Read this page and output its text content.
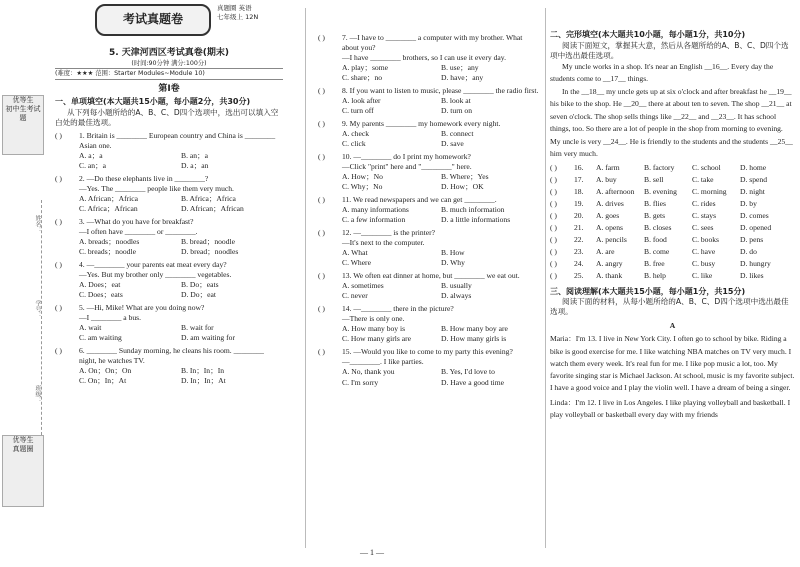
优等生
初中生考试题
姓名：
学号：
班级：
优等生
真题圈
考试真题卷
真题圈 英语
七年级上 12N
5. 天津河西区考试真卷(期末)
(时间:90分钟 满分:100分)
(难度：★★★ 范围：Starter Modules~Module 10)
第Ⅰ卷
一、单项填空(本大题共15小题，每小题2分，共30分)
从下列每小题所给的A、B、C、D四个选项中，选出可以填入空白处的最佳选项。
( )	1. Britain is ________ European country and China is ________ Asian one.
A. a；a	B. an；a
C. an；a	D. a；an
( )	2. —Do these elephants live in ________?
—Yes. The ________ people like them very much.
A. African；Africa	B. Africa；Africa
C. Africa；African	D. African；African
( )	3. —What do you have for breakfast?
—I often have ________ or ________.
A. breads；noodles	B. bread；noodle
C. breads；noodle	D. bread；noodles
( )	4. —________ your parents eat meat every day?
—Yes. But my brother only ________ vegetables.
A. Does；eat	B. Do；eats
C. Does；eats	D. Do；eat
( )	5. —Hi, Mike! What are you doing now?
—I ________ a bus.
A. wait	B. wait for
C. am waiting	D. am waiting for
( )	6. ________ Sunday morning, he cleans his room. ________ night, he watches TV.
A. On；On；On	B. In；In；In
C. On；In；At	D. In；In；At
( )	7. —I have to ________ a computer with my brother. What about you?
—I have ________ brothers, so I can use it every day.
A. play；some	B. use；any
C. share；no	D. have；any
( )	8. If you want to listen to music, please ________ the radio first.
A. look after	B. look at
C. turn off	D. turn on
( )	9. My parents ________ my homework every night.
A. check	B. connect
C. click	D. save
( )	10. —________ do I print my homework?
—Click "print" here and "________" here.
A. How；No	B. Where；Yes
C. Why；No	D. How；OK
( )	11. We read newspapers and we can get ________.
A. many informations	B. much information
C. a few information	D. a little informations
( )	12. —________ is the printer?
—It's next to the computer.
A. What	B. How
C. Where	D. Why
( )	13. We often eat dinner at home, but ________ we eat out.
A. sometimes	B. usually
C. never	D. always
( )	14. —________ there in the picture?
—There is only one.
A. How many boy is	B. How many boy are
C. How many girls are	D. How many girls is
( )	15. —Would you like to come to my party this evening?
—________. I like parties.
A. No, thank you	B. Yes, I'd love to
C. I'm sorry	D. Have a good time
— 1 —
二、完形填空(本大题共10小题，每小题1分，共10分)
阅读下面短文，掌握其大意，然后从各题所给的A、B、C、D四个选项中选出最佳选项。
My uncle works in a shop. It's near an English __16__. Every day the students come to __17__ things.
In the __18__ my uncle gets up at six o'clock and after breakfast he __19__ his bike to the shop. He __20__ there at about ten to seven. The shop __21__ at seven o'clock. The shop sells things like __22__ and __23__. It has school things, too. So there are a lot of people in the shop from morning to evening. My uncle is very __24__. He is friendly to the students and the students __25__ him very much.
( )	16.	A. farm	B. factory	C. school	D. home
( )	17.	A. buy	B. sell	C. take	D. spend
( )	18.	A. afternoon	B. evening	C. morning	D. night
( )	19.	A. drives	B. flies	C. rides	D. by
( )	20.	A. goes	B. gets	C. stays	D. comes
( )	21.	A. opens	B. closes	C. sees	D. opened
( )	22.	A. pencils	B. food	C. books	D. pens
( )	23.	A. are	B. come	C. have	D. do
( )	24.	A. angry	B. free	C. busy	D. hungry
( )	25.	A. thank	B. help	C. like	D. likes
三、阅读理解(本大题共15小题，每小题1分，共15分)
阅读下面的材料，从每小题所给的A、B、C、D四个选项中选出最佳选项。
A
Maria：I'm 13. I live in New York City. I often go to school by bike. Riding a bike is good exercise for me. I like watching NBA matches on TV very much. I watch them every week. It's real fun for me. I like pop music a lot, too. My favorite singing star is Michael Jackson. At school, music is my favorite subject. I have a good voice and I play the violin well. I have a dream of being a singer.
Linda：I'm 12. I live in Los Angeles. I like playing volleyball and basketball. I play volleyball or basketball every day with my friends
